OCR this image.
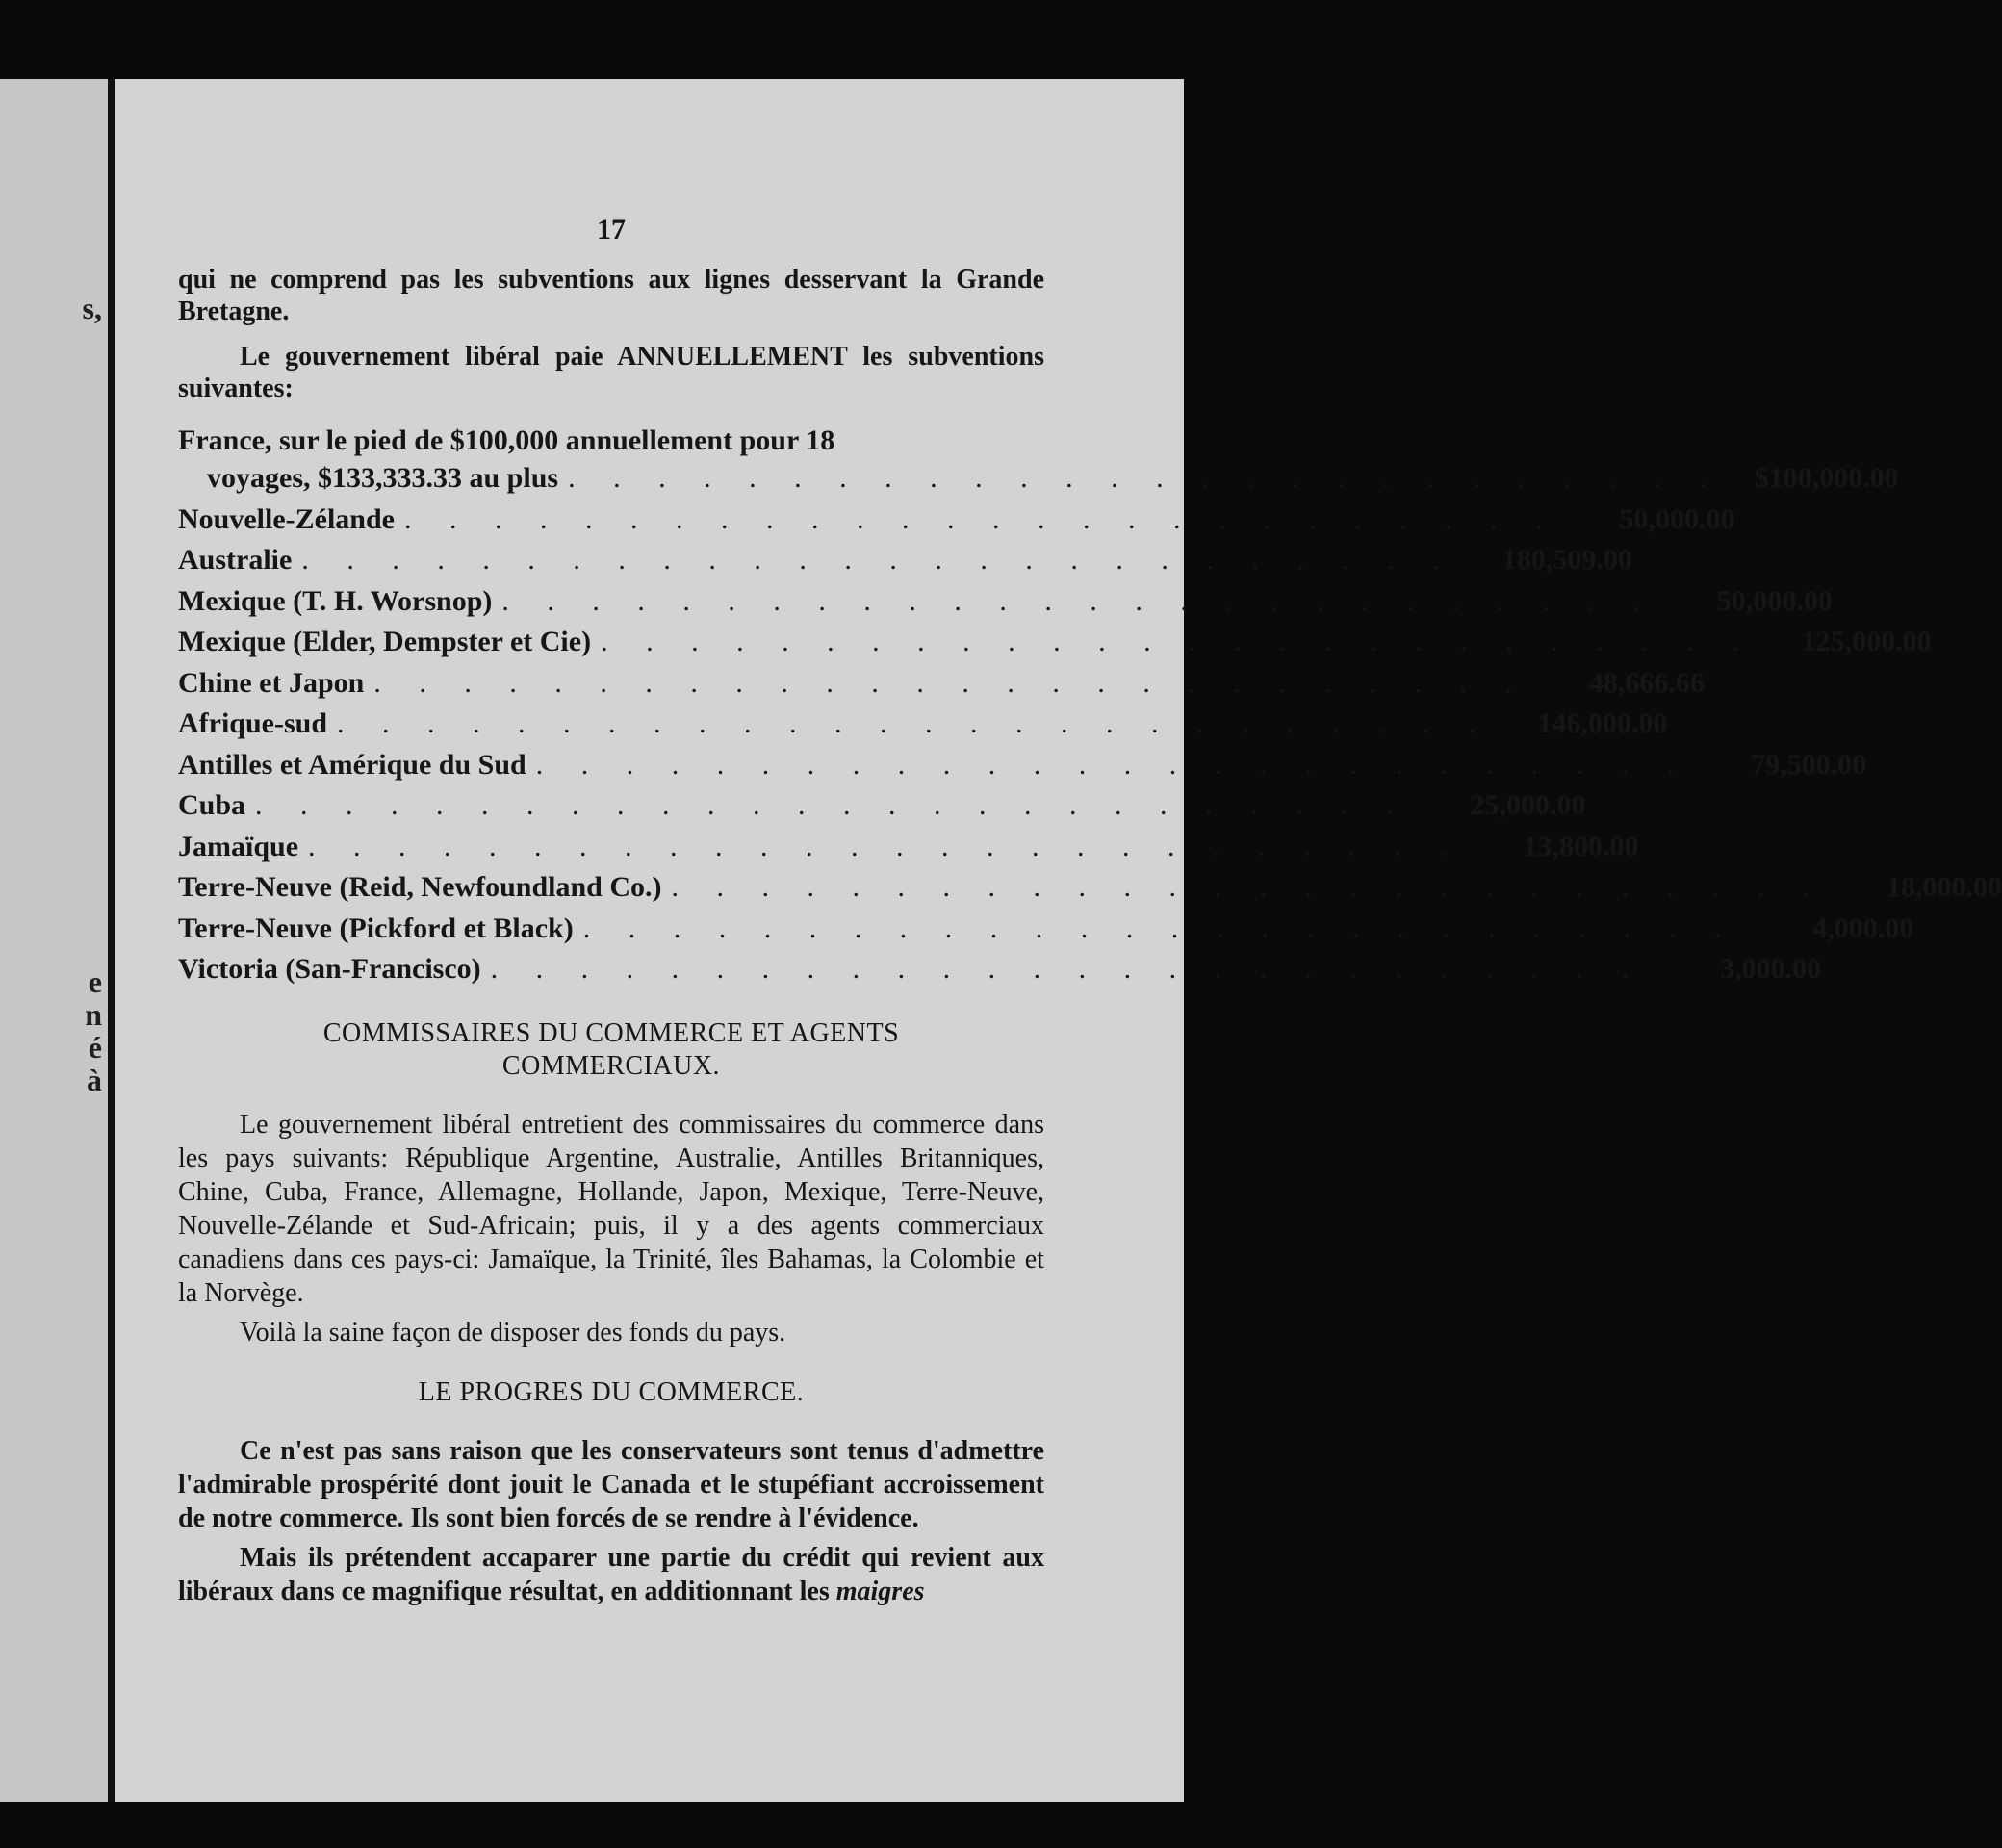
s,
e
n
é
à
17

qui ne comprend pas les subventions aux lignes desservant la Grande Bretagne.

Le gouvernement libéral paie ANNUELLEMENT les subventions suivantes:

France, sur le pied de $100,000 annuellement pour 18
voyages, $133,333.33 au plus . . . . . . . . . . . . . . . . . . . . . . . . . .	$100,000.00
Nouvelle-Zélande . . . . . . . . . . . . . . . . . . . . . . . . . .	50,000.00
Australie . . . . . . . . . . . . . . . . . . . . . . . . . .	180,509.00
Mexique (T. H. Worsnop) . . . . . . . . . . . . . . . . . . . . . . . . . .	50,000.00
Mexique (Elder, Dempster et Cie) . . . . . . . . . . . . . . . . . . . . . . . . . .	125,000.00
Chine et Japon . . . . . . . . . . . . . . . . . . . . . . . . . .	48,666.66
Afrique-sud . . . . . . . . . . . . . . . . . . . . . . . . . .	146,000.00
Antilles et Amérique du Sud . . . . . . . . . . . . . . . . . . . . . . . . . .	79,500.00
Cuba . . . . . . . . . . . . . . . . . . . . . . . . . .	25,000.00
Jamaïque . . . . . . . . . . . . . . . . . . . . . . . . . .	13,800.00
Terre-Neuve (Reid, Newfoundland Co.) . . . . . . . . . . . . . . . . . . . . . . . . . .	18,000.00
Terre-Neuve (Pickford et Black) . . . . . . . . . . . . . . . . . . . . . . . . . .	4,000.00
Victoria (San-Francisco) . . . . . . . . . . . . . . . . . . . . . . . . . .	3,000.00
COMMISSAIRES DU COMMERCE ET AGENTS
COMMERCIAUX.

Le gouvernement libéral entretient des commissaires du commerce dans les pays suivants: République Argentine, Australie, Antilles Britanniques, Chine, Cuba, France, Allemagne, Hollande, Japon, Mexique, Terre-Neuve, Nouvelle-Zélande et Sud-Africain; puis, il y a des agents commerciaux canadiens dans ces pays-ci: Jamaïque, la Trinité, îles Bahamas, la Colombie et la Norvège.

Voilà la saine façon de disposer des fonds du pays.

LE PROGRES DU COMMERCE.

Ce n'est pas sans raison que les conservateurs sont tenus d'admettre l'admirable prospérité dont jouit le Canada et le stupéfiant accroissement de notre commerce. Ils sont bien forcés de se rendre à l'évidence.

Mais ils prétendent accaparer une partie du crédit qui revient aux libéraux dans ce magnifique résultat, en additionnant les maigres
